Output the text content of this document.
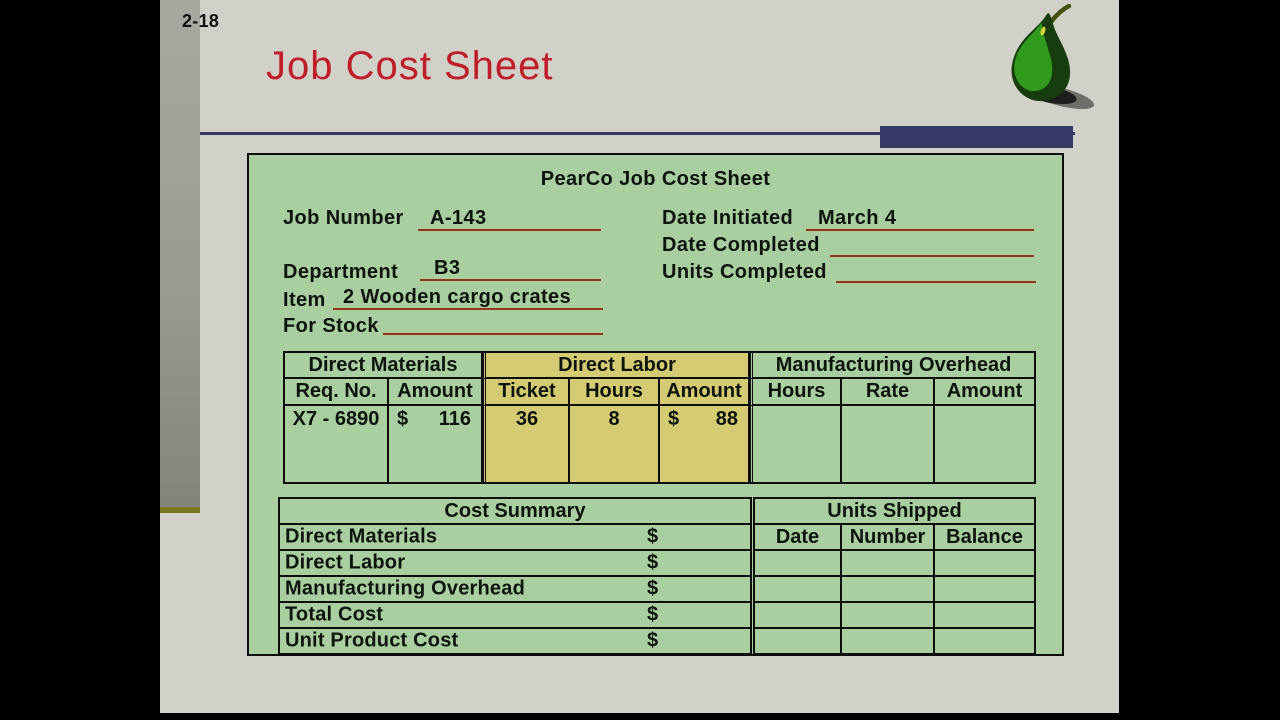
2-18
Job Cost Sheet
PearCo Job Cost Sheet
Job Number	A-143	Date Initiated	March 4
Date Completed
Department	B3	Units Completed
Item 2 Wooden cargo crates
For Stock
Direct Materials	Direct Labor	Manufacturing Overhead
Req. No.	Amount	Ticket	Hours	Amount	Hours	Rate	Amount
X7 - 6890 $ 116	36	8	$ 88
Cost Summary
Direct Materials	$
Direct Labor	$
Manufacturing Overhead	$
Total Cost	$
Unit Product Cost	$
Units Shipped
Date	Number	Balance
